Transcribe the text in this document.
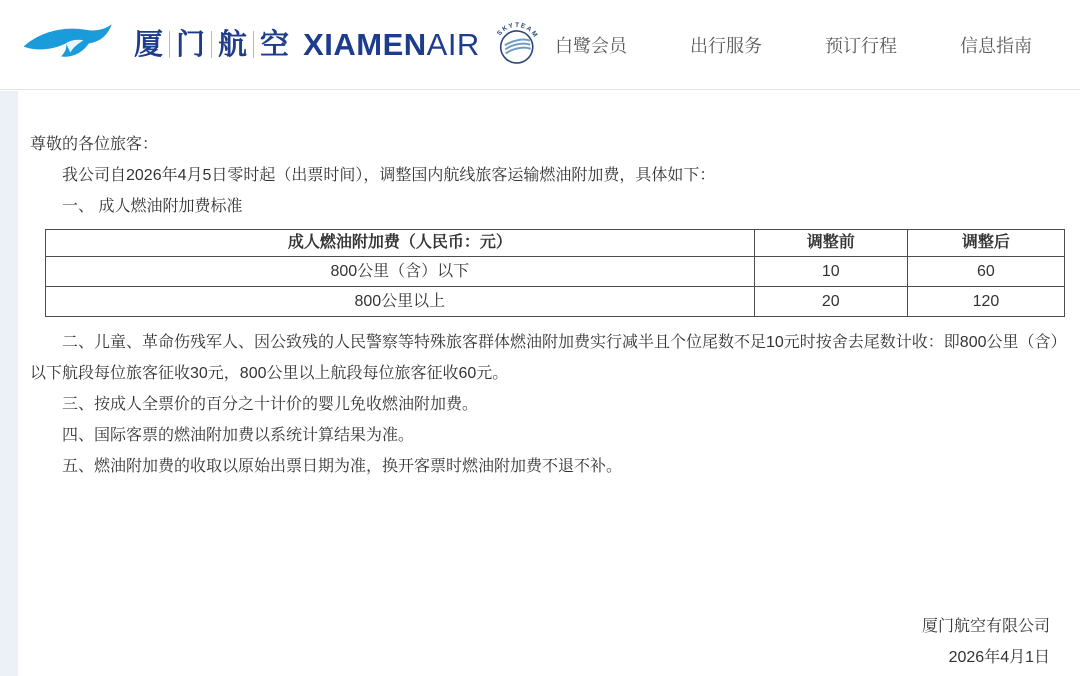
厦 门 航 空 XIAMENAIR SKYTEAM
白鹭会员	出行服务	预订行程	信息指南

尊敬的各位旅客：

我公司自2026年4月5日零时起（出票时间），调整国内航线旅客运输燃油附加费，具体如下：

一、 成人燃油附加费标准

成人燃油附加费（人民币：元）	调整前	调整后
800公里（含）以下	10	60
800公里以上	20	120

二、儿童、革命伤残军人、因公致残的人民警察等特殊旅客群体燃油附加费实行减半且个位尾数不足10元时按舍去尾数计收：即800公里（含）以下航段每位旅客征收30元，800公里以上航段每位旅客征收60元。

三、按成人全票价的百分之十计价的婴儿免收燃油附加费。

四、国际客票的燃油附加费以系统计算结果为准。

五、燃油附加费的收取以原始出票日期为准，换开客票时燃油附加费不退不补。

厦门航空有限公司
2026年4月1日
